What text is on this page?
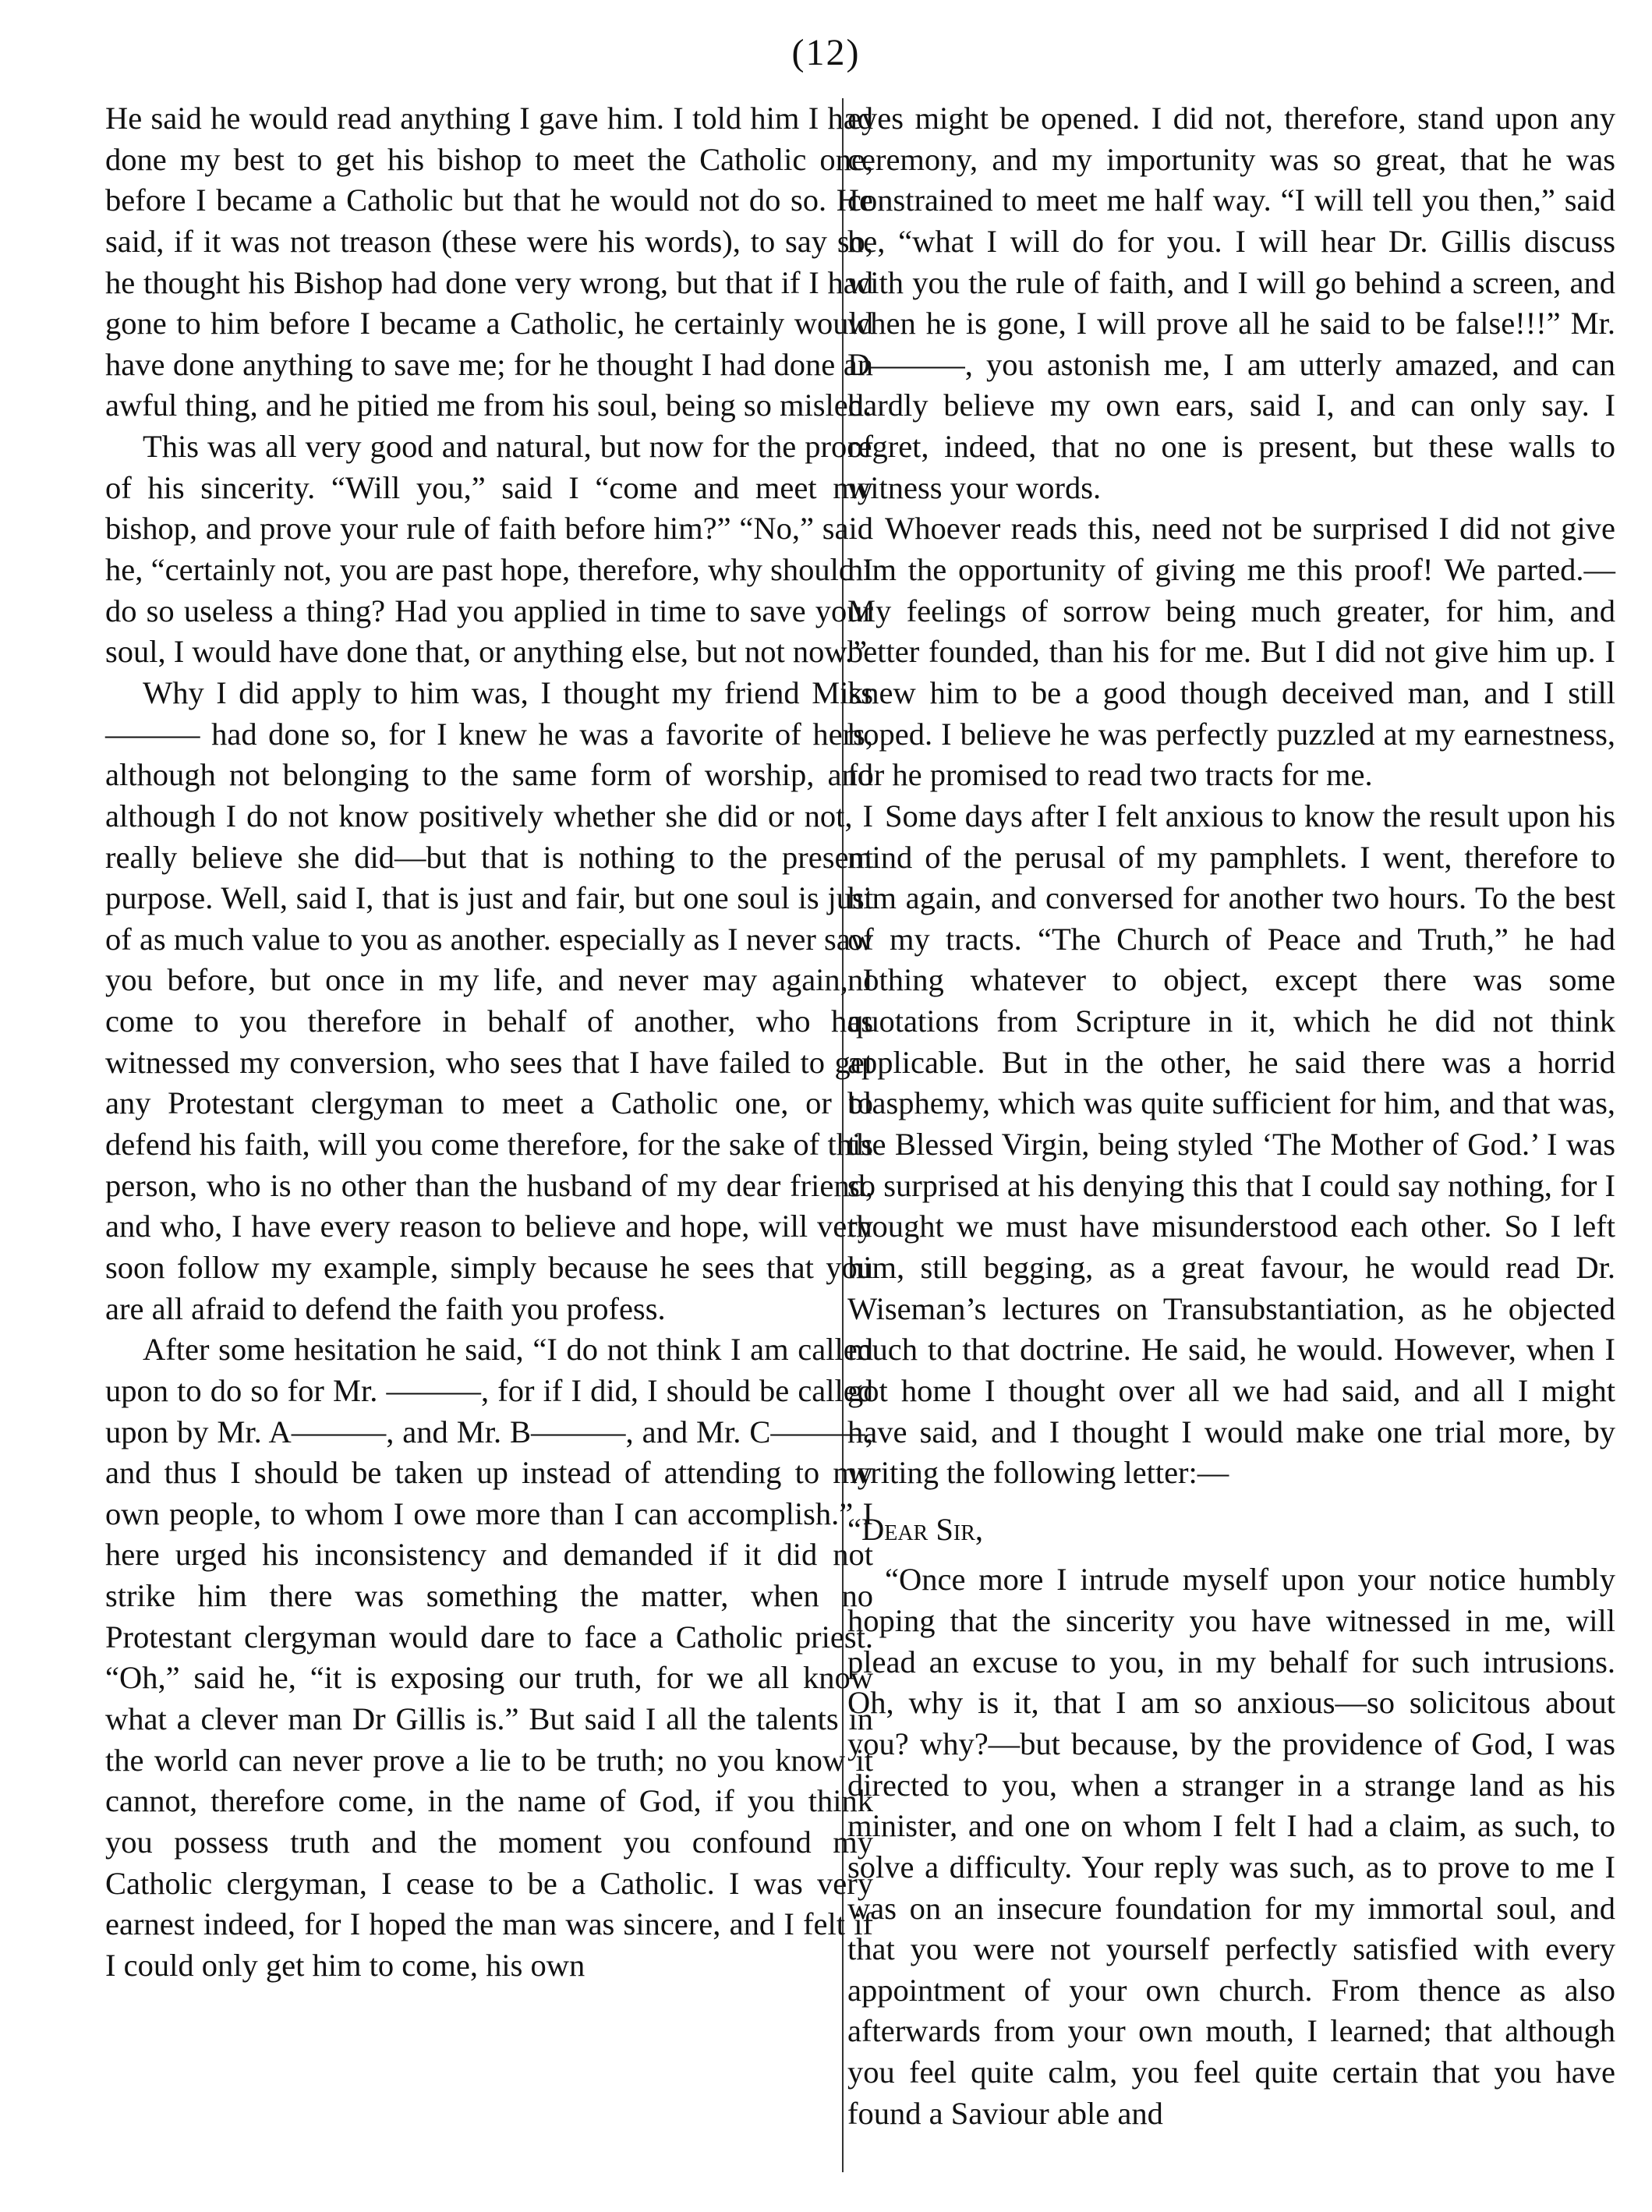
(12)

He said he would read anything I gave him. I told him I had done my best to get his bishop to meet the Catholic one, before I became a Catholic but that he would not do so. He said, if it was not treason (these were his words), to say so, he thought his Bishop had done very wrong, but that if I had gone to him before I became a Catholic, he certainly would have done anything to save me; for he thought I had done an awful thing, and he pitied me from his soul, being so misled.

This was all very good and natural, but now for the proof of his sincerity. “Will you,” said I “come and meet my bishop, and prove your rule of faith before him?” “No,” said he, “certainly not, you are past hope, therefore, why should I do so useless a thing? Had you applied in time to save your soul, I would have done that, or anything else, but not now.”

Why I did apply to him was, I thought my friend Miss ——— had done so, for I knew he was a favorite of hers, although not belonging to the same form of worship, and although I do not know positively whether she did or not, I really believe she did—but that is nothing to the present purpose. Well, said I, that is just and fair, but one soul is just of as much value to you as another. especially as I never saw you before, but once in my life, and never may again, I come to you therefore in behalf of another, who has witnessed my conversion, who sees that I have failed to get any Protestant clergyman to meet a Catholic one, or to defend his faith, will you come therefore, for the sake of this person, who is no other than the husband of my dear friend, and who, I have every reason to believe and hope, will very soon follow my example, simply because he sees that you are all afraid to defend the faith you profess.

After some hesitation he said, “I do not think I am called upon to do so for Mr. ———, for if I did, I should be called upon by Mr. A———, and Mr. B———, and Mr. C———, and thus I should be taken up instead of attending to my own people, to whom I owe more than I can accomplish.” I here urged his inconsistency and demanded if it did not strike him there was something the matter, when no Protestant clergyman would dare to face a Catholic priest. “Oh,” said he, “it is exposing our truth, for we all know what a clever man Dr Gillis is.” But said I all the talents in the world can never prove a lie to be truth; no you know it cannot, therefore come, in the name of God, if you think you possess truth and the moment you confound my Catholic clergyman, I cease to be a Catholic. I was very earnest indeed, for I hoped the man was sincere, and I felt if I could only get him to come, his own

eyes might be opened. I did not, therefore, stand upon any ceremony, and my importunity was so great, that he was constrained to meet me half way. “I will tell you then,” said he, “what I will do for you. I will hear Dr. Gillis discuss with you the rule of faith, and I will go behind a screen, and when he is gone, I will prove all he said to be false!!!” Mr. D———, you astonish me, I am utterly amazed, and can hardly believe my own ears, said I, and can only say. I regret, indeed, that no one is present, but these walls to witness your words.

Whoever reads this, need not be surprised I did not give him the opportunity of giving me this proof! We parted.—My feelings of sorrow being much greater, for him, and better founded, than his for me. But I did not give him up. I knew him to be a good though deceived man, and I still hoped. I believe he was perfectly puzzled at my earnestness, for he promised to read two tracts for me.

Some days after I felt anxious to know the result upon his mind of the perusal of my pamphlets. I went, therefore to him again, and conversed for another two hours. To the best of my tracts. “The Church of Peace and Truth,” he had nothing whatever to object, except there was some quotations from Scripture in it, which he did not think applicable. But in the other, he said there was a horrid blasphemy, which was quite sufficient for him, and that was, the Blessed Virgin, being styled ‘The Mother of God.’ I was so surprised at his denying this that I could say nothing, for I thought we must have misunderstood each other. So I left him, still begging, as a great favour, he would read Dr. Wiseman’s lectures on Transubstantiation, as he objected much to that doctrine. He said, he would. However, when I got home I thought over all we had said, and all I might have said, and I thought I would make one trial more, by writing the following letter:—

“Dear Sir,

“Once more I intrude myself upon your notice humbly hoping that the sincerity you have witnessed in me, will plead an excuse to you, in my behalf for such intrusions. Oh, why is it, that I am so anxious—so solicitous about you? why?—but because, by the providence of God, I was directed to you, when a stranger in a strange land as his minister, and one on whom I felt I had a claim, as such, to solve a difficulty. Your reply was such, as to prove to me I was on an insecure foundation for my immortal soul, and that you were not yourself perfectly satisfied with every appointment of your own church. From thence as also afterwards from your own mouth, I learned; that although you feel quite calm, you feel quite certain that you have found a Saviour able and
